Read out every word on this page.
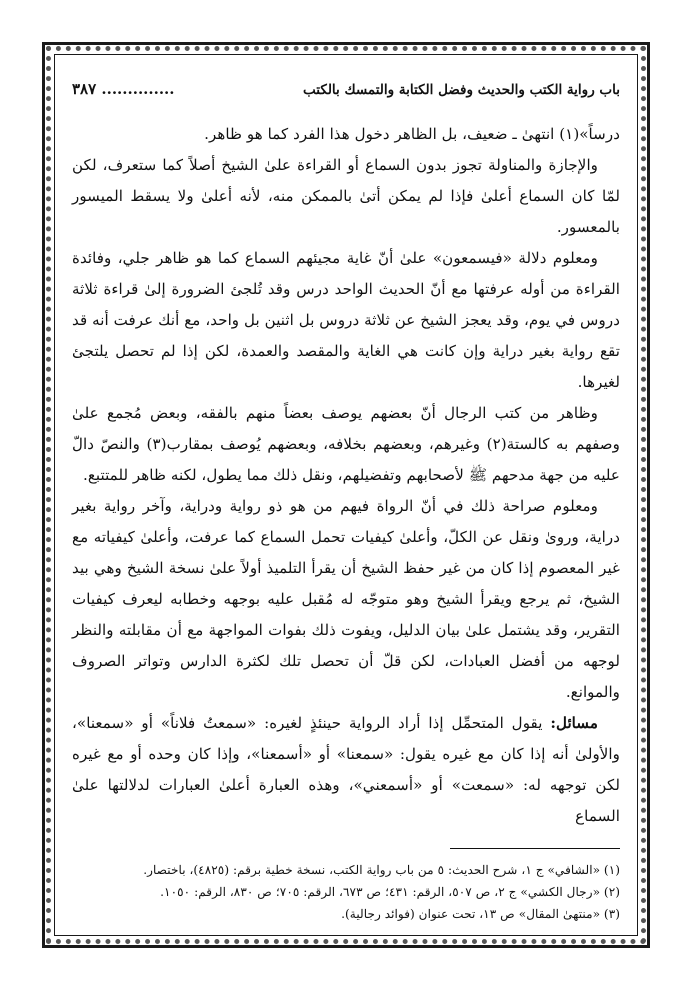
باب رواية الكتب والحديث وفضل الكتابة والتمسك بالكتب
.............. ٣٨٧

درساً»(١) انتهىٰ ـ ضعيف، بل الظاهر دخول هذا الفرد كما هو ظاهر.

والإجازة والمناولة تجوز بدون السماع أو القراءة علىٰ الشيخ أصلاً كما ستعرف، لكن لمّا كان السماع أعلىٰ فإذا لم يمكن أتىٰ بالممكن منه، لأنه أعلىٰ ولا يسقط الميسور بالمعسور.

ومعلوم دلالة «فيسمعون» علىٰ أنّ غاية مجيئهم السماع كما هو ظاهر جلي، وفائدة القراءة من أوله عرفتها مع أنّ الحديث الواحد درس وقد تُلجئ الضرورة إلىٰ قراءة ثلاثة دروس في يوم، وقد يعجز الشيخ عن ثلاثة دروس بل اثنين بل واحد، مع أنك عرفت أنه قد تقع رواية بغير دراية وإن كانت هي الغاية والمقصد والعمدة، لكن إذا لم تحصل يلتجئ لغيرها.

وظاهر من كتب الرجال أنّ بعضهم يوصف بعضاً منهم بالفقه، وبعض مُجمع علىٰ وصفهم به كالستة(٢) وغيرهم، وبعضهم بخلافه، وبعضهم يُوصف بمقارب(٣) والنصّ دالّ عليه من جهة مدحهم ﷺ لأصحابهم وتفضيلهم، ونقل ذلك مما يطول، لكنه ظاهر للمتتبع.

ومعلوم صراحة ذلك في أنّ الرواة فيهم من هو ذو رواية ودراية، وآخر رواية بغير دراية، وروىٰ ونقل عن الكلّ، وأعلىٰ كيفيات تحمل السماع كما عرفت، وأعلىٰ كيفياته مع غير المعصوم إذا كان من غير حفظ الشيخ أن يقرأ التلميذ أولاً علىٰ نسخة الشيخ وهي بيد الشيخ، ثم يرجع ويقرأ الشيخ وهو متوجّه له مُقبل عليه بوجهه وخطابه ليعرف كيفيات التقرير، وقد يشتمل علىٰ بيان الدليل، ويفوت ذلك بفوات المواجهة مع أن مقابلته والنظر لوجهه من أفضل العبادات، لكن قلّ أن تحصل تلك لكثرة الدارس وتواتر الصروف والموانع.

مسائل: يقول المتحمِّل إذا أراد الرواية حينئذٍ لغيره: «سمعتُ فلاناً» أو «سمعنا»، والأولىٰ أنه إذا كان مع غيره يقول: «سمعنا» أو «أسمعنا»، وإذا كان وحده أو مع غيره لكن توجهه له: «سمعت» أو «أسمعني»، وهذه العبارة أعلىٰ العبارات لدلالتها علىٰ السماع

(١) «الشافي» ج ١، شرح الحديث: ٥ من باب رواية الكتب، نسخة خطية برقم: (٤٨٢٥)، باختصار.

(٢) «رجال الكشي» ج ٢، ص ٥٠٧، الرقم: ٤٣١؛ ص ٦٧٣، الرقم: ٧٠٥؛ ص ٨٣٠، الرقم: ١٠٥٠.

(٣) «منتهىٰ المقال» ص ١٣، تحت عنوان (فوائد رجالية).
